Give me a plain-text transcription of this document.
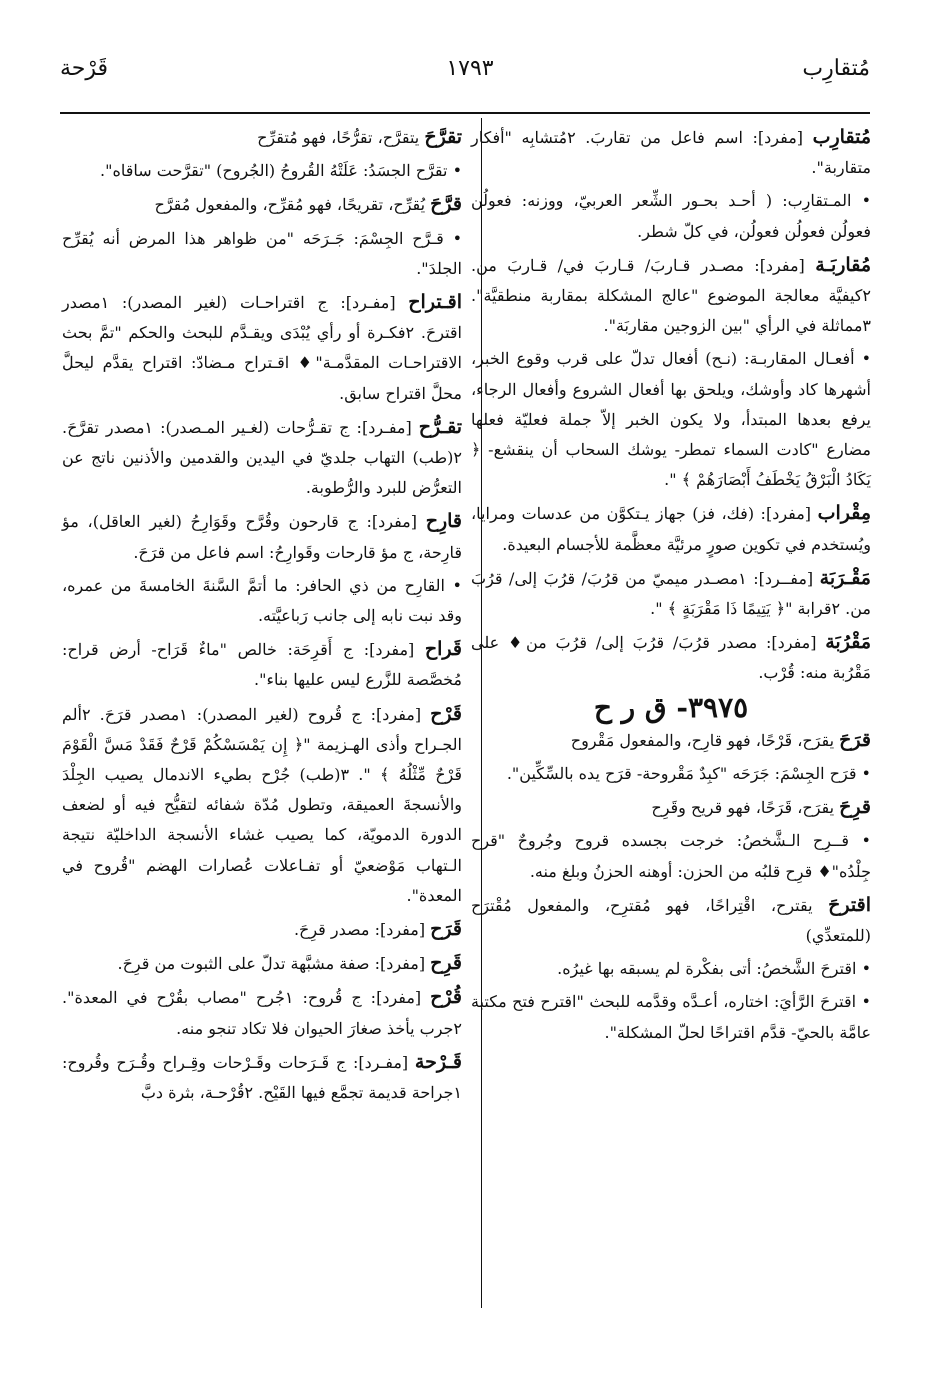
مُتقارِب
١٧٩٣
قَرْحة
مُتقارِب [مفرد]: اسم فاعل من تقاربَ. ٢مُتشابِه "أفكار متقاربة".
• المـتقارِب: ( أحـد بحـور الشِّعر العربيّ، ووزنه: فعولُن فعولُن فعولُن فعولُن، في كلّ شطر.
مُقاربَـة [مفرد]: مصـدر قـاربَ/ قـاربَ في/ قـاربَ من. ٢كيفيَّة معالجة الموضوع "عالج المشكلة بمقاربة منطقيَّة". ٣مماثلة في الرأي "بين الزوجين مقاربَة".
• أفعـال المقاربـة: (نـح) أفعال تدلّ على قرب وقوع الخبر، أشهرها كاد وأوشك، ويلحق بها أفعال الشروع وأفعال الرجاء، يرفع بعدها المبتدأ، ولا يكون الخبر إلاّ جملة فعليّة فعلها مضارع "كادت السماء تمطر- يوشك السحاب أن ينقشع- ﴿ يَكَادُ الْبَرْقُ يَخْطَفُ أَبْصَارَهُمْ ﴾ ".
مِقْراب [مفرد]: (فك، فز) جهاز يـتكوَّن من عدسات ومرايا، ويُستخدم في تكوين صورٍ مرئيَّة معظَّمة للأجسام البعيدة.
مَقْـرَبَة [مفــرد]: ١مصـدر ميميّ من قرُبَ/ قرُبَ إلى/ قرُبَ من. ٢قرابة "﴿ يَتِيمًا ذَا مَقْرَبَةٍ ﴾ ".
مَقْرُبَة [مفرد]: مصدر قرُبَ/ قرُبَ إلى/ قرُبَ من♦ على مَقْرُبة منه: قُرْب.
٣٩٧٥- ق ر ح
قرَحَ يقرَح، قَرْحًا، فهو قارِح، والمفعول مَقْروح
• قرَح الجِسْمَ: جَرَحَه "كبِدٌ مَقْروحة- قرَح يده بالسِّكِّين".
قرِحَ يقرَح، قَرَحًا، فهو قريح وقَرِح
• قــرِح الـشَّخصُ: خرجت بجسده قروح وجُروحٌ "قرح جِلْدُه"♦ قرِح قلبُه من الحزن: أوهنه الحزنُ وبلغ منه.
اقترحَ يقترح، اقْتِراحًا، فهو مُقترِح، والمفعول مُقْترَح (للمتعدِّي)
• اقترحَ الشَّخصُ: أتى بفكْرة لم يسبقه بها غيرُه.
• اقترحَ الرَّأيَ: اختاره، أعـدَّه وقدَّمه للبحث "اقترح فتح مكتبة عامَّة بالحيّ- قدَّم اقتراحًا لحلّ المشكلة".
تقرَّحَ يتقرَّح، تقرُّحًا، فهو مُتقرِّح
• تقرَّح الجسَدُ: عَلَتْهُ القُروحُ (الجُروح) "تقرَّحت ساقاه".
قرَّحَ يُقرِّح، تقريحًا، فهو مُقرِّح، والمفعول مُقرَّح
• قـرَّح الجِسْمَ: جَـرَحَه "من ظواهر هذا المرض أنه يُقرِّح الجلدَ".
اقـتراح [مفـرد]: ج اقتراحـات (لغير المصدر): ١مصدر اقترحَ. ٢فكـرة أو رأي يُبْدَى ويقـدَّم للبحث والحكم "تمَّ بحث الاقتراحـات المقدَّمـة"♦ اقـتراح مـضادّ: اقتراح يقدَّم ليحلَّ محلَّ اقتراح سابق.
تقـرُّح [مفـرد]: ج تقـرُّحات (لغـير المـصدر): ١مصدر تقرَّحَ. ٢(طب) التهاب جلديّ في اليدين والقدمين والأذنين ناتج عن التعرُّض للبرد والرُّطوبة.
قارِح [مفرد]: ج قارحون وقُرَّح وقَوَارِحُ (لغير العاقل)، مؤ قارِحة، ج مؤ قارحات وقَوارِحُ: اسم فاعل من قرَحَ.
• القارِح من ذي الحافر: ما أتمَّ السَّنةَ الخامسةَ من عمره، وقد نبت نابه إلى جانب رَباعيَّته.
قَراح [مفرد]: ج أَقرِحَة: خالص "ماءٌ قَرَاح- أرض قراح: مُخصَّصة للزَّرع ليس عليها بناء".
قَرْح [مفرد]: ج قُروح (لغير المصدر): ١مصدر قرَحَ. ٢ألم الجـراح وأذى الهـزيمة "﴿ إِن يَمْسَسْكُمْ قَرْحٌ فَقَدْ مَسَّ الْقَوْمَ قَرْحٌ مِّثْلُهُ ﴾ ". ٣(طب) جُرْح بطيء الاندمال يصيب الجِلْدَ والأنسجةَ العميقة، وتطول مُدّة شفائه لتقيُّح فيه أو لضعف الدورة الدمويّة، كما يصيب غشاء الأنسجة الداخليّة نتيجة الـتهاب مَوْضعيّ أو تفـاعلات عُصارات الهضم "قُروح في المعدة".
قَرَح [مفرد]: مصدر قرِحَ.
قَرِح [مفرد]: صفة مشبَّهة تدلّ على الثبوت من قرِحَ.
قُرْح [مفرد]: ج قُروح: ١جُرح "مصاب بقُرْح في المعدة". ٢جرب يأخذ صغارَ الحيوان فلا تكاد تنجو منه.
قَـرْحة [مفـرد]: ج قَـرَحات وقَـرْحات وقِـراح وقُـرَح وقُروح: ١جراحة قديمة تجمَّع فيها القَيْح. ٢قُرْحـة، بثرة دبَّ
